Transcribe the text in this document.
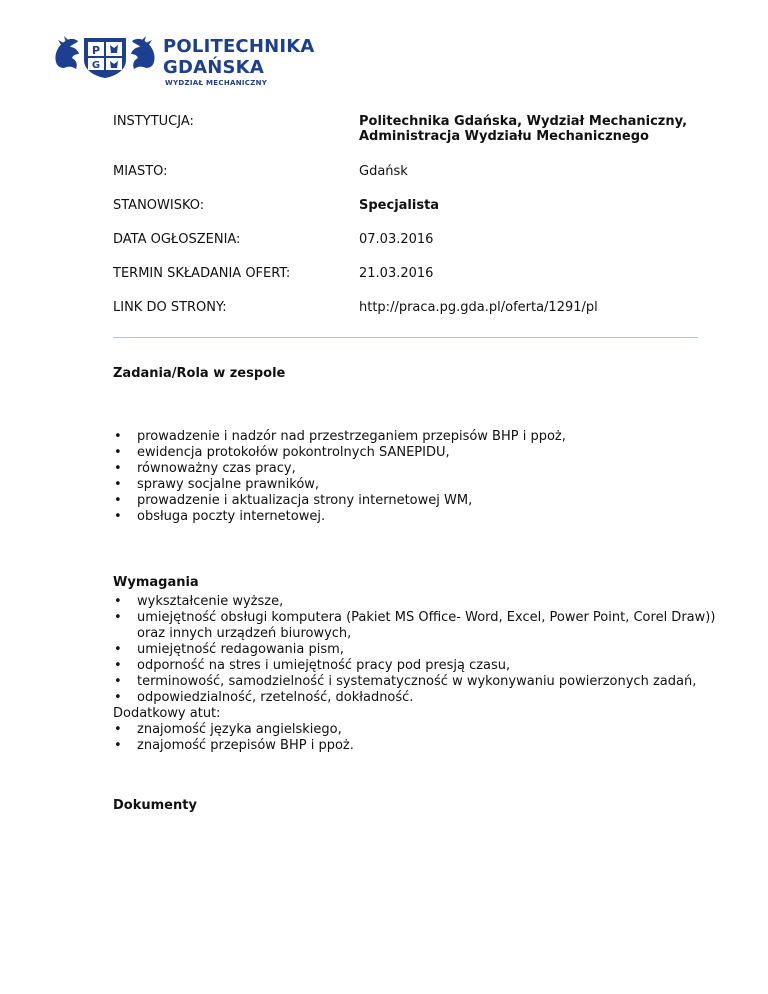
P
G
POLITECHNIKA
GDAŃSKA
WYDZIAŁ MECHANICZNY
INSTYTUCJA:	Politechnika Gdańska, Wydział Mechaniczny,
Administracja Wydziału Mechanicznego
MIASTO:	Gdańsk
STANOWISKO:	Specjalista
DATA OGŁOSZENIA:	07.03.2016
TERMIN SKŁADANIA OFERT:	21.03.2016
LINK DO STRONY:	http://praca.pg.gda.pl/oferta/1291/pl
Zadania/Rola w zespole
• prowadzenie i nadzór nad przestrzeganiem przepisów BHP i ppoż,
• ewidencja protokołów pokontrolnych SANEPIDU,
• równoważny czas pracy,
• sprawy socjalne prawników,
• prowadzenie i aktualizacja strony internetowej WM,
• obsługa poczty internetowej.
Wymagania
• wykształcenie wyższe,
• umiejętność obsługi komputera (Pakiet MS Office- Word, Excel, Power Point, Corel Draw))
oraz innych urządzeń biurowych,
• umiejętność redagowania pism,
• odporność na stres i umiejętność pracy pod presją czasu,
• terminowość, samodzielność i systematyczność w wykonywaniu powierzonych zadań,
• odpowiedzialność, rzetelność, dokładność.
Dodatkowy atut:
• znajomość języka angielskiego,
• znajomość przepisów BHP i ppoż.
Dokumenty
